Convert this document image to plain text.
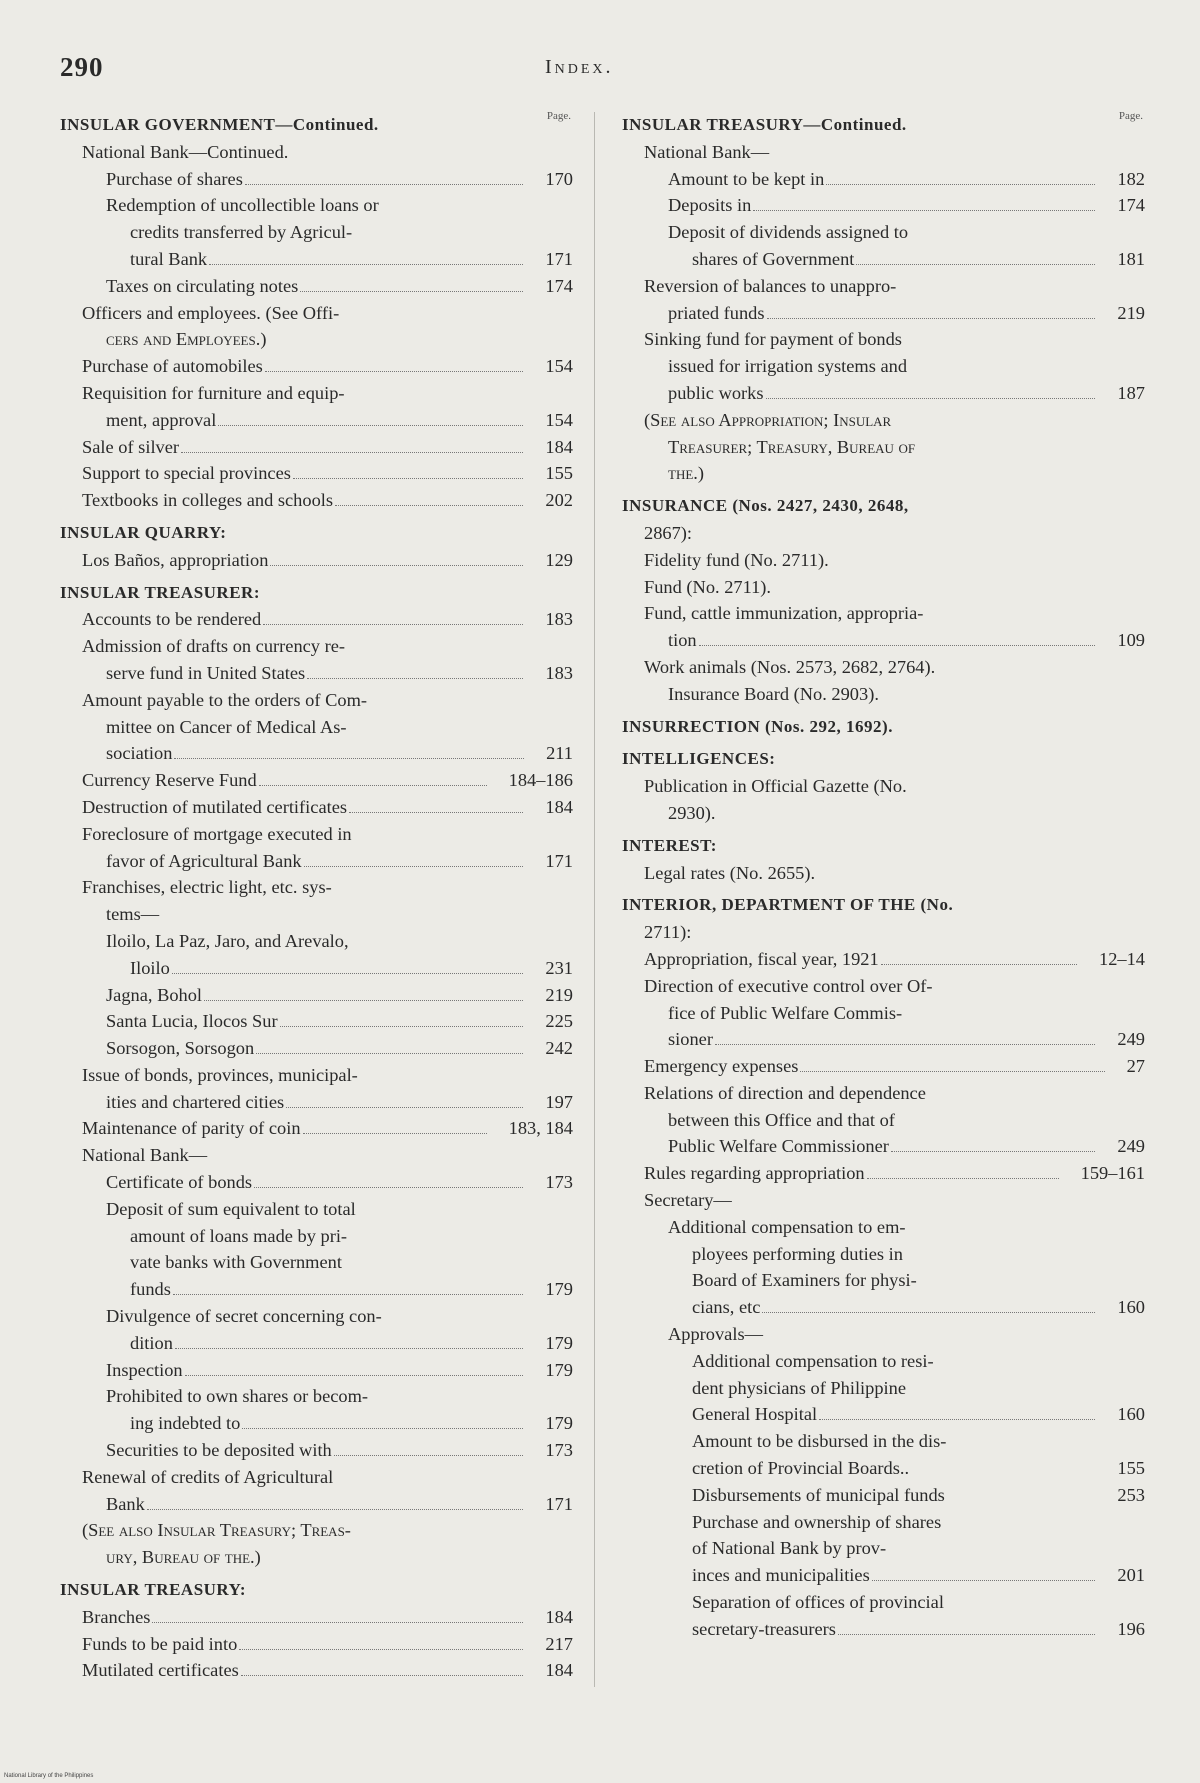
290	Index.
Page.
INSULAR GOVERNMENT—Continued.
National Bank—Continued.
Purchase of shares	170
Redemption of uncollectible loans or
credits transferred by Agricul-
tural Bank	171
Taxes on circulating notes	174
Officers and employees. (See Offi-
cers and Employees.)
Purchase of automobiles	154
Requisition for furniture and equip-
ment, approval	154
Sale of silver	184
Support to special provinces	155
Textbooks in colleges and schools	202
INSULAR QUARRY:
Los Baños, appropriation	129
INSULAR TREASURER:
Accounts to be rendered	183
Admission of drafts on currency re-
serve fund in United States	183
Amount payable to the orders of Com-
mittee on Cancer of Medical As-
sociation	211
Currency Reserve Fund	184–186
Destruction of mutilated certificates	184
Foreclosure of mortgage executed in
favor of Agricultural Bank	171
Franchises, electric light, etc. sys-
tems—
Iloilo, La Paz, Jaro, and Arevalo,
Iloilo	231
Jagna, Bohol	219
Santa Lucia, Ilocos Sur	225
Sorsogon, Sorsogon	242
Issue of bonds, provinces, municipal-
ities and chartered cities	197
Maintenance of parity of coin	183, 184
National Bank—
Certificate of bonds	173
Deposit of sum equivalent to total
amount of loans made by pri-
vate banks with Government
funds	179
Divulgence of secret concerning con-
dition	179
Inspection	179
Prohibited to own shares or becom-
ing indebted to	179
Securities to be deposited with	173
Renewal of credits of Agricultural
Bank	171
(See also Insular Treasury; Treas-
ury, Bureau of the.)
INSULAR TREASURY:
Branches	184
Funds to be paid into	217
Mutilated certificates	184
Page.
INSULAR TREASURY—Continued.
National Bank—
Amount to be kept in	182
Deposits in	174
Deposit of dividends assigned to
shares of Government	181
Reversion of balances to unappro-
priated funds	219
Sinking fund for payment of bonds
issued for irrigation systems and
public works	187
(See also Appropriation; Insular
Treasurer; Treasury, Bureau of
the.)
INSURANCE (Nos. 2427, 2430, 2648,
2867):
Fidelity fund (No. 2711).
Fund (No. 2711).
Fund, cattle immunization, appropria-
tion	109
Work animals (Nos. 2573, 2682, 2764).
Insurance Board (No. 2903).
INSURRECTION (Nos. 292, 1692).
INTELLIGENCES:
Publication in Official Gazette (No.
2930).
INTEREST:
Legal rates (No. 2655).
INTERIOR, DEPARTMENT OF THE (No.
2711):
Appropriation, fiscal year, 1921	12–14
Direction of executive control over Of-
fice of Public Welfare Commis-
sioner	249
Emergency expenses	27
Relations of direction and dependence
between this Office and that of
Public Welfare Commissioner	249
Rules regarding appropriation	159–161
Secretary—
Additional compensation to em-
ployees performing duties in
Board of Examiners for physi-
cians, etc	160
Approvals—
Additional compensation to resi-
dent physicians of Philippine
General Hospital	160
Amount to be disbursed in the dis-
cretion of Provincial Boards..	155
Disbursements of municipal funds	253
Purchase and ownership of shares
of National Bank by prov-
inces and municipalities	201
Separation of offices of provincial
secretary-treasurers	196
National Library of the Philippines
